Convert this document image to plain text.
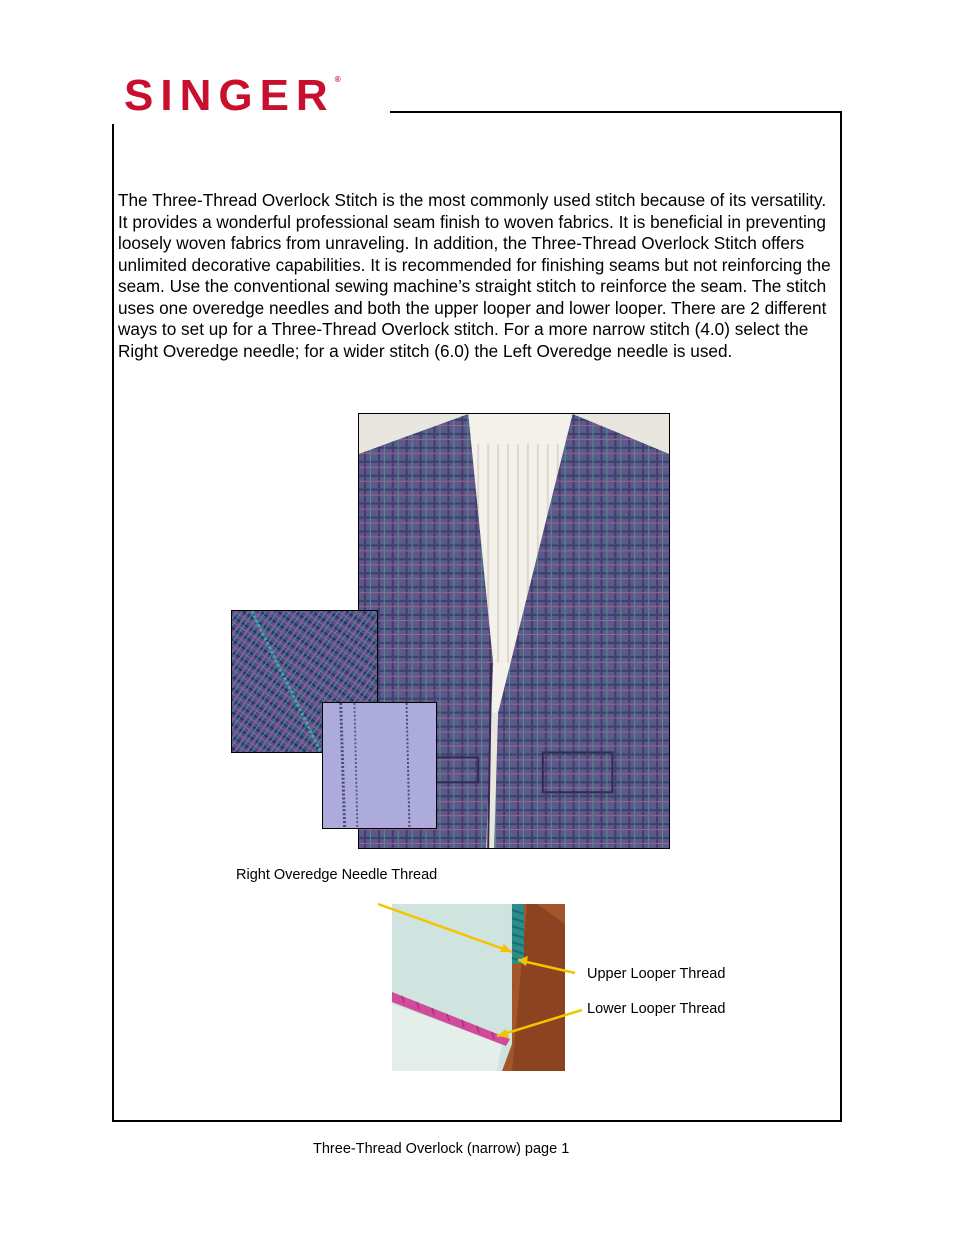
SINGER®

The Three-Thread Overlock Stitch is the most commonly used stitch because of its versatility. It provides a wonderful professional seam finish to woven fabrics. It is beneficial in preventing loosely woven fabrics from unraveling. In addition, the Three-Thread Overlock Stitch offers unlimited decorative capabilities. It is recommended for finishing seams but not reinforcing the seam. Use the conventional sewing machine’s straight stitch to reinforce the seam. The stitch uses one overedge needles and both the upper looper and lower looper. There are 2 different ways to set up for a Three-Thread Overlock stitch. For a more narrow stitch (4.0) select the Right Overedge needle; for a wider stitch (6.0) the Left Overedge needle is used.

Right Overedge Needle Thread
Upper Looper Thread
Lower Looper Thread
Three-Thread Overlock (narrow) page 1
